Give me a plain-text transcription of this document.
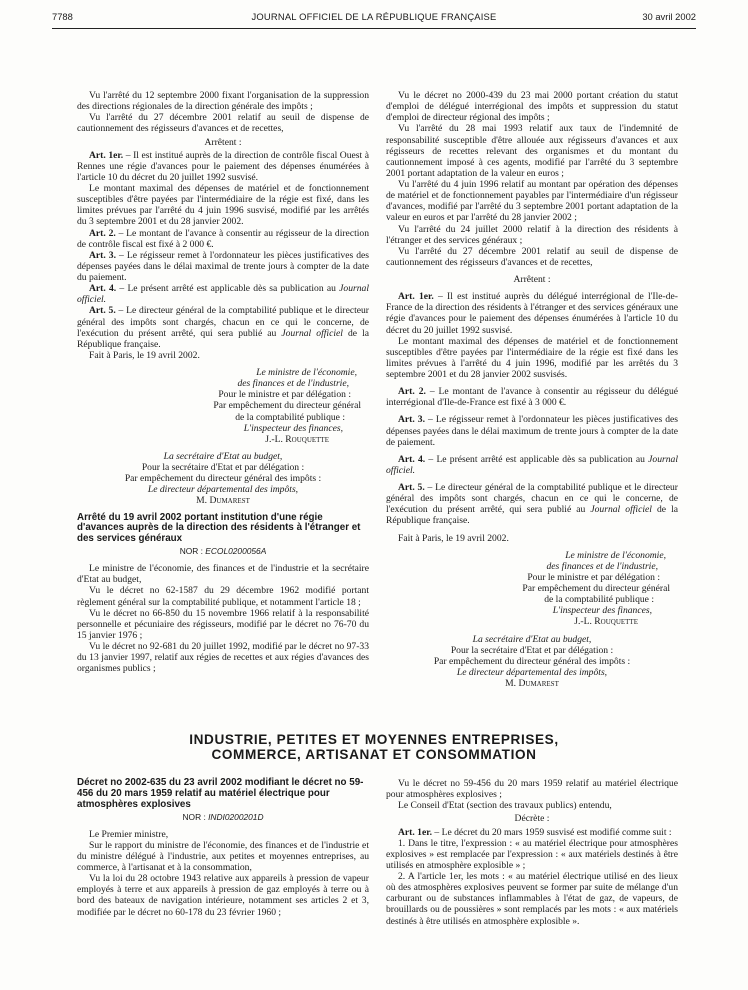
7788	JOURNAL OFFICIEL DE LA RÉPUBLIQUE FRANÇAISE	30 avril 2002

Vu l'arrêté du 12 septembre 2000 fixant l'organisation de la suppression des directions régionales de la direction générale des impôts ;

Vu l'arrêté du 27 décembre 2001 relatif au seuil de dispense de cautionnement des régisseurs d'avances et de recettes,

Arrêtent :

Art. 1er. – Il est institué auprès de la direction de contrôle fiscal Ouest à Rennes une régie d'avances pour le paiement des dépenses énumérées à l'article 10 du décret du 20 juillet 1992 susvisé.

Le montant maximal des dépenses de matériel et de fonctionnement susceptibles d'être payées par l'intermédiaire de la régie est fixé, dans les limites prévues par l'arrêté du 4 juin 1996 susvisé, modifié par les arrêtés du 3 septembre 2001 et du 28 janvier 2002.

Art. 2. – Le montant de l'avance à consentir au régisseur de la direction de contrôle fiscal est fixé à 2 000 €.

Art. 3. – Le régisseur remet à l'ordonnateur les pièces justificatives des dépenses payées dans le délai maximal de trente jours à compter de la date du paiement.

Art. 4. – Le présent arrêté est applicable dès sa publication au Journal officiel.

Art. 5. – Le directeur général de la comptabilité publique et le directeur général des impôts sont chargés, chacun en ce qui le concerne, de l'exécution du présent arrêté, qui sera publié au Journal officiel de la République française.

Fait à Paris, le 19 avril 2002.

Le ministre de l'économie,

des finances et de l'industrie,

Pour le ministre et par délégation :

Par empêchement du directeur général

de la comptabilité publique :

L'inspecteur des finances,

J.-L. Rouquette

La secrétaire d'Etat au budget,

Pour la secrétaire d'Etat et par délégation :

Par empêchement du directeur général des impôts :

Le directeur départemental des impôts,

M. Dumarest

Arrêté du 19 avril 2002 portant institution d'une régie d'avances auprès de la direction des résidents à l'étranger et des services généraux

NOR : ECOL0200056A

Le ministre de l'économie, des finances et de l'industrie et la secrétaire d'Etat au budget,

Vu le décret no 62-1587 du 29 décembre 1962 modifié portant règlement général sur la comptabilité publique, et notamment l'article 18 ;

Vu le décret no 66-850 du 15 novembre 1966 relatif à la responsabilité personnelle et pécuniaire des régisseurs, modifié par le décret no 76-70 du 15 janvier 1976 ;

Vu le décret no 92-681 du 20 juillet 1992, modifié par le décret no 97-33 du 13 janvier 1997, relatif aux régies de recettes et aux régies d'avances des organismes publics ;

Vu le décret no 2000-439 du 23 mai 2000 portant création du statut d'emploi de délégué interrégional des impôts et suppression du statut d'emploi de directeur régional des impôts ;

Vu l'arrêté du 28 mai 1993 relatif aux taux de l'indemnité de responsabilité susceptible d'être allouée aux régisseurs d'avances et aux régisseurs de recettes relevant des organismes et du montant du cautionnement imposé à ces agents, modifié par l'arrêté du 3 septembre 2001 portant adaptation de la valeur en euros ;

Vu l'arrêté du 4 juin 1996 relatif au montant par opération des dépenses de matériel et de fonctionnement payables par l'intermédiaire d'un régisseur d'avances, modifié par l'arrêté du 3 septembre 2001 portant adaptation de la valeur en euros et par l'arrêté du 28 janvier 2002 ;

Vu l'arrêté du 24 juillet 2000 relatif à la direction des résidents à l'étranger et des services généraux ;

Vu l'arrêté du 27 décembre 2001 relatif au seuil de dispense de cautionnement des régisseurs d'avances et de recettes,

Arrêtent :

Art. 1er. – Il est institué auprès du délégué interrégional de l'Ile-de-France de la direction des résidents à l'étranger et des services généraux une régie d'avances pour le paiement des dépenses énumérées à l'article 10 du décret du 20 juillet 1992 susvisé.

Le montant maximal des dépenses de matériel et de fonctionnement susceptibles d'être payées par l'intermédiaire de la régie est fixé dans les limites prévues à l'arrêté du 4 juin 1996, modifié par les arrêtés du 3 septembre 2001 et du 28 janvier 2002 susvisés.

Art. 2. – Le montant de l'avance à consentir au régisseur du délégué interrégional d'Ile-de-France est fixé à 3 000 €.

Art. 3. – Le régisseur remet à l'ordonnateur les pièces justificatives des dépenses payées dans le délai maximum de trente jours à compter de la date de paiement.

Art. 4. – Le présent arrêté est applicable dès sa publication au Journal officiel.

Art. 5. – Le directeur général de la comptabilité publique et le directeur général des impôts sont chargés, chacun en ce qui le concerne, de l'exécution du présent arrêté, qui sera publié au Journal officiel de la République française.

Fait à Paris, le 19 avril 2002.

Le ministre de l'économie,

des finances et de l'industrie,

Pour le ministre et par délégation :

Par empêchement du directeur général

de la comptabilité publique :

L'inspecteur des finances,

J.-L. Rouquette

La secrétaire d'Etat au budget,

Pour la secrétaire d'Etat et par délégation :

Par empêchement du directeur général des impôts :

Le directeur départemental des impôts,

M. Dumarest

INDUSTRIE, PETITES ET MOYENNES ENTREPRISES,
COMMERCE, ARTISANAT ET CONSOMMATION

Décret no 2002-635 du 23 avril 2002 modifiant le décret no 59-456 du 20 mars 1959 relatif au matériel électrique pour atmosphères explosives

NOR : INDI0200201D

Le Premier ministre,

Sur le rapport du ministre de l'économie, des finances et de l'industrie et du ministre délégué à l'industrie, aux petites et moyennes entreprises, au commerce, à l'artisanat et à la consommation,

Vu la loi du 28 octobre 1943 relative aux appareils à pression de vapeur employés à terre et aux appareils à pression de gaz employés à terre ou à bord des bateaux de navigation intérieure, notamment ses articles 2 et 3, modifiée par le décret no 60-178 du 23 février 1960 ;

Vu le décret no 59-456 du 20 mars 1959 relatif au matériel électrique pour atmosphères explosives ;

Le Conseil d'Etat (section des travaux publics) entendu,

Décrète :

Art. 1er. – Le décret du 20 mars 1959 susvisé est modifié comme suit :

1. Dans le titre, l'expression : « au matériel électrique pour atmosphères explosives » est remplacée par l'expression : « aux matériels destinés à être utilisés en atmosphère explosible » ;

2. A l'article 1er, les mots : « au matériel électrique utilisé en des lieux où des atmosphères explosives peuvent se former par suite de mélange d'un carburant ou de substances inflammables à l'état de gaz, de vapeurs, de brouillards ou de poussières » sont remplacés par les mots : « aux matériels destinés à être utilisés en atmosphère explosible ».
